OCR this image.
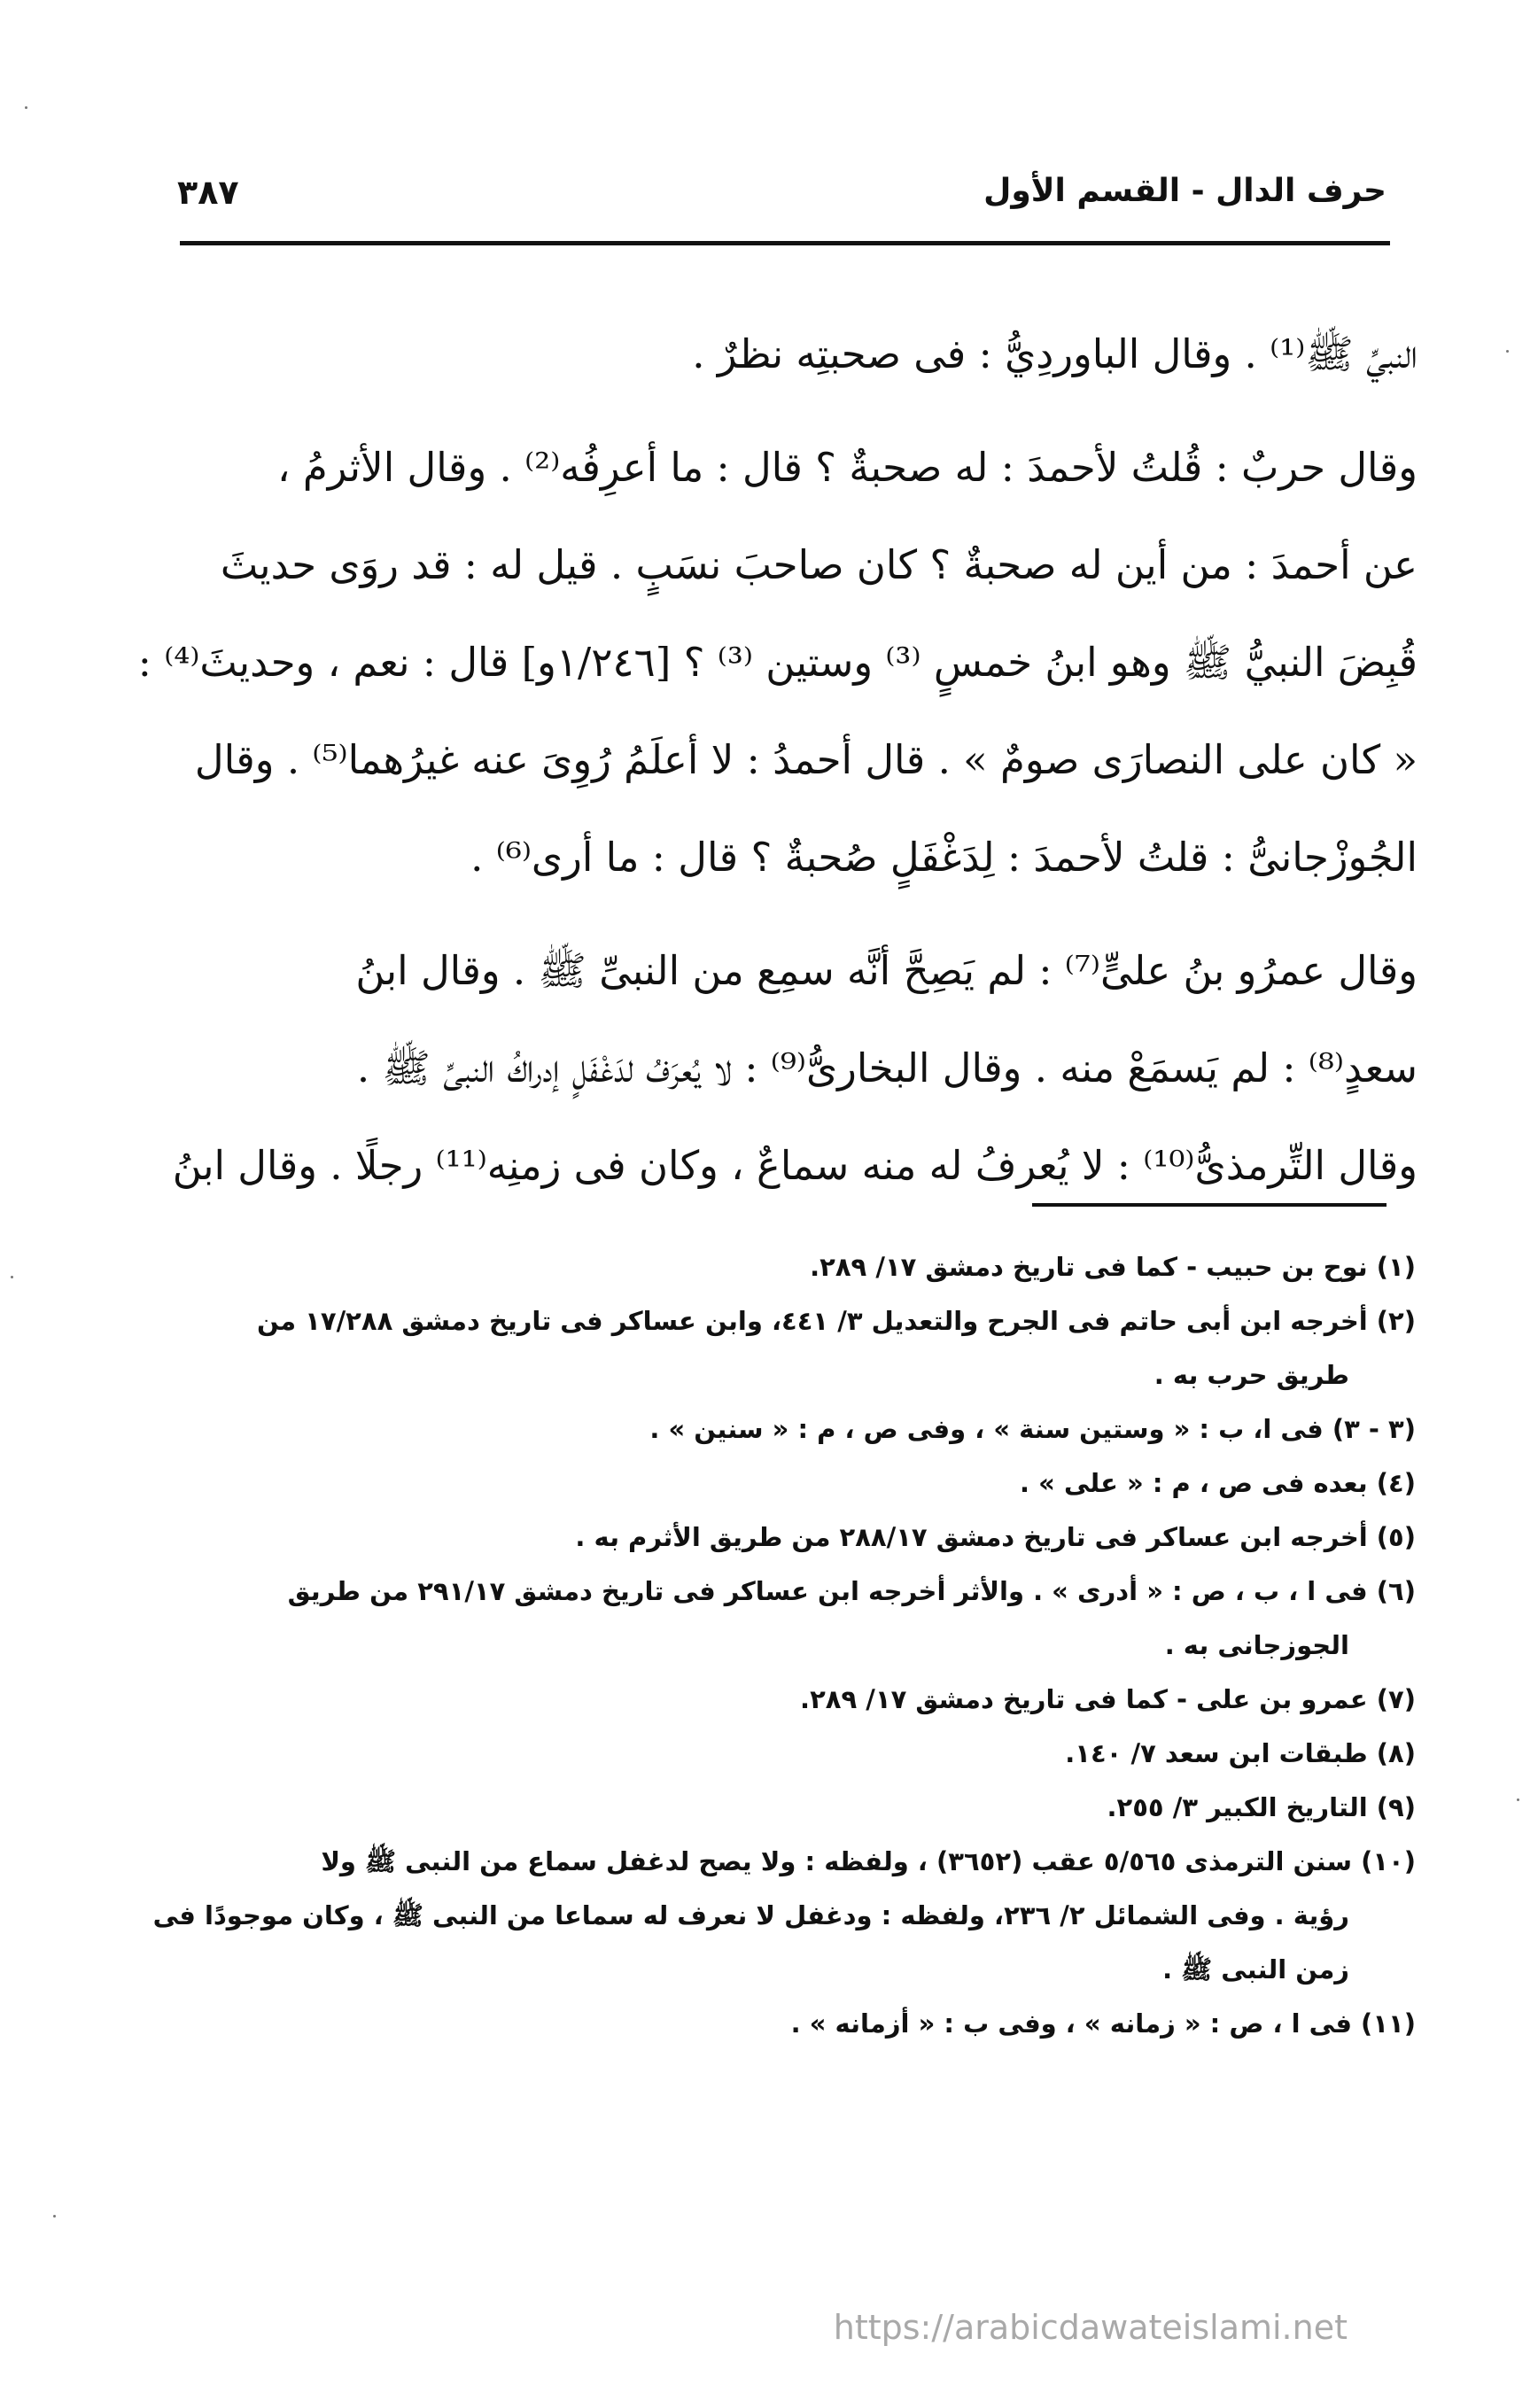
حرف الدال - القسم الأول
٣٨٧

النبيِّ ﷺ⁽¹⁾ . وقال الباوردِيُّ : فى صحبتِه نظرٌ .

وقال حربٌ : قُلتُ لأحمدَ : له صحبةٌ ؟ قال : ما أعرِفُه⁽²⁾ . وقال الأثرمُ ،

عن أحمدَ : من أين له صحبةٌ ؟ كان صاحبَ نسَبٍ . قيل له : قد روَى حديثَ

قُبِضَ النبيُّ ﷺ وهو ابنُ خمسٍ ⁽³⁾ وستين ⁽³⁾ ؟ [١/٢٤٦و] قال : نعم ، وحديثَ⁽⁴⁾ :

« كان على النصارَى صومٌ » . قال أحمدُ : لا أعلَمُ رُوِىَ عنه غيرُهما⁽⁵⁾ . وقال

الجُوزْجانىُّ : قلتُ لأحمدَ : لِدَغْفَلٍ صُحبةٌ ؟ قال : ما أرى⁽⁶⁾ .

وقال عمرُو بنُ علىٍّ⁽⁷⁾ : لم يَصِحَّ أنَّه سمِع من النبىِّ ﷺ . وقال ابنُ

سعدٍ⁽⁸⁾ : لم يَسمَعْ منه . وقال البخارىُّ⁽⁹⁾ : لا يُعرَفُ لدَغْفَلٍ إدراكُ النبىِّ ﷺ .

وقال التِّرمذىُّ⁽¹⁰⁾ : لا يُعرفُ له منه سماعٌ ، وكان فى زمنِه⁽¹¹⁾ رجلًا . وقال ابنُ

(١) نوح بن حبيب - كما فى تاريخ دمشق ١٧/ ٢٨٩.

(٢) أخرجه ابن أبى حاتم فى الجرح والتعديل ٣/ ٤٤١، وابن عساكر فى تاريخ دمشق ١٧/٢٨٨ من

طريق حرب به .

(٣ - ٣) فى ا، ب : « وستين سنة » ، وفى ص ، م : « سنين » .

(٤) بعده فى ص ، م : « على » .

(٥) أخرجه ابن عساكر فى تاريخ دمشق ٢٨٨/١٧ من طريق الأثرم به .

(٦) فى ا ، ب ، ص : « أدرى » . والأثر أخرجه ابن عساكر فى تاريخ دمشق ٢٩١/١٧ من طريق

الجوزجانى به .

(٧) عمرو بن على - كما فى تاريخ دمشق ١٧/ ٢٨٩.

(٨) طبقات ابن سعد ٧/ ١٤٠.

(٩) التاريخ الكبير ٣/ ٢٥٥.

(١٠) سنن الترمذى ٥/٥٦٥ عقب (٣٦٥٢) ، ولفظه : ولا يصح لدغفل سماع من النبى ﷺ ولا

رؤية . وفى الشمائل ٢/ ٢٣٦، ولفظه : ودغفل لا نعرف له سماعا من النبى ﷺ ، وكان موجودًا فى

زمن النبى ﷺ .

(١١) فى ا ، ص : « زمانه » ، وفى ب : « أزمانه » .

https://arabicdawateislami.net
